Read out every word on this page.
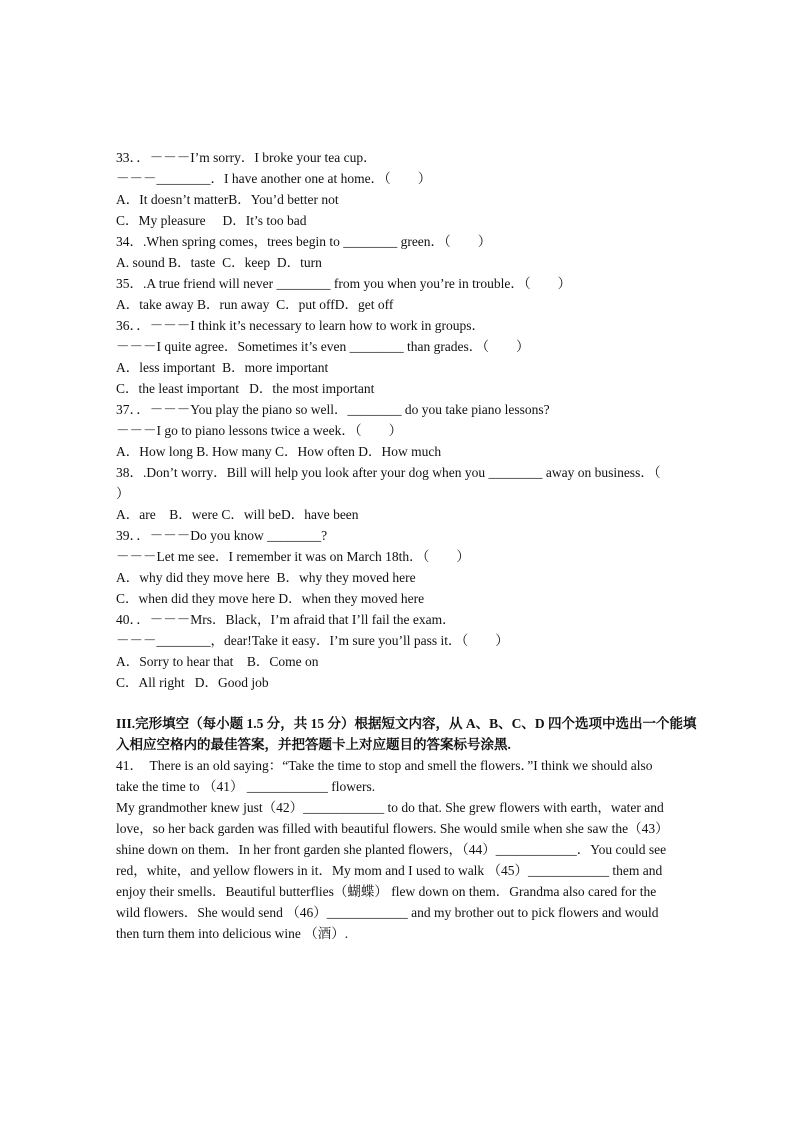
33．．－－－I’m sorry．I broke your tea cup．
－－－________．I have another one at home．（　　）
A．It doesn’t matterB．You’d better not
C．My pleasure　 D．It’s too bad
34．.When spring comes，trees begin to ________ green．（　　）
A. sound B．taste  C．keep  D．turn
35．.A true friend will never ________ from you when you’re in trouble．（　　）
A．take away B．run away  C．put offD．get off
36．．－－－I think it’s necessary to learn how to work in groups．
－－－I quite agree．Sometimes it’s even ________ than grades．（　　）
A．less important  B．more important
C．the least important   D．the most important
37．．－－－You play the piano so well．________ do you take piano lessons?
－－－I go to piano lessons twice a week．（　　）
A．How long B. How many C．How often D．How much
38．.Don’t worry．Bill will help you look after your dog when you ________ away on business．（
）
A．are    B．were C．will beD．have been
39．．－－－Do you know ________?
－－－Let me see．I remember it was on March 18th．（　　）
A．why did they move here  B．why they moved here
C．when did they move here D．when they moved here
40．．－－－Mrs．Black，I’m afraid that I’ll fail the exam．
－－－________，dear!Take it easy．I’m sure you’ll pass it．（　　）
A．Sorry to hear that    B．Come on
C．All right   D．Good job
III.完形填空（每小题 1.5 分，共 15 分）根据短文内容，从 A、B、C、D 四个选项中选出一个能填
入相应空格内的最佳答案，并把答题卡上对应题目的答案标号涂黑.
41．  There is an old saying：“Take the time to stop and smell the flowers．”I think we should also
take the time to （41） ____________ flowers.
My grandmother knew just（42）____________ to do that. She grew flowers with earth，water and
love，so her back garden was filled with beautiful flowers. She would smile when she saw the（43）
shine down on them．In her front garden she planted flowers，（44）____________．You could see
red，white，and yellow flowers in it．My mom and I used to walk （45）____________ them and
enjoy their smells．Beautiful butterflies（蝴蝶） flew down on them．Grandma also cared for the
wild flowers．She would send （46）____________ and my brother out to pick flowers and would
then turn them into delicious wine （酒）.
